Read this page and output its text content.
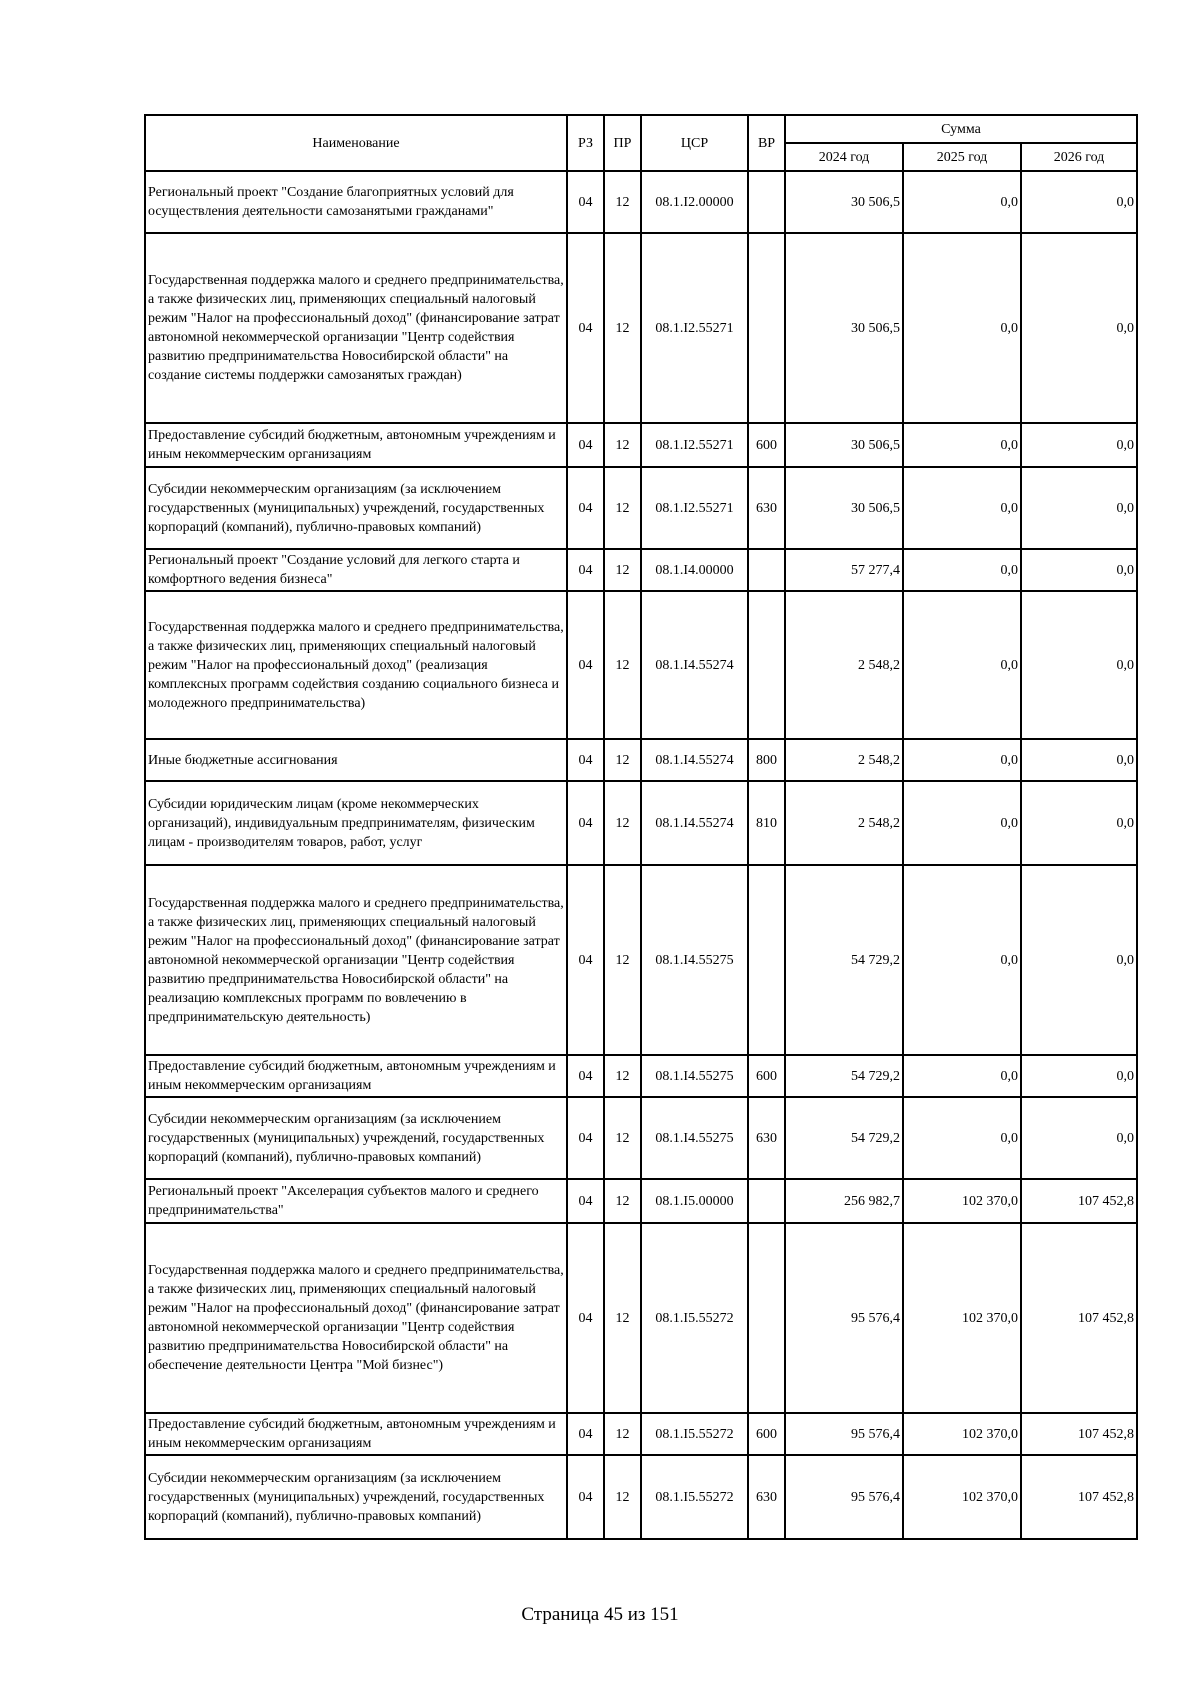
Наименование	РЗ	ПР	ЦСР	ВР	Сумма		
					2024 год	2025 год	2026 год
Региональный проект "Создание благоприятных условий для осуществления деятельности самозанятыми гражданами"	04	12	08.1.I2.00000		30 506,5	0,0	0,0
Государственная поддержка малого и среднего предпринимательства, а также физических лиц, применяющих специальный налоговый режим "Налог на профессиональный доход" (финансирование затрат автономной некоммерческой организации "Центр содействия развитию предпринимательства Новосибирской области" на создание системы поддержки самозанятых граждан)	04	12	08.1.I2.55271		30 506,5	0,0	0,0
Предоставление субсидий бюджетным, автономным учреждениям и иным некоммерческим организациям	04	12	08.1.I2.55271	600	30 506,5	0,0	0,0
Субсидии некоммерческим организациям (за исключением государственных (муниципальных) учреждений, государственных корпораций (компаний), публично-правовых компаний)	04	12	08.1.I2.55271	630	30 506,5	0,0	0,0
Региональный проект "Создание условий для легкого старта и комфортного ведения бизнеса"	04	12	08.1.I4.00000		57 277,4	0,0	0,0
Государственная поддержка малого и среднего предпринимательства, а также физических лиц, применяющих специальный налоговый режим "Налог на профессиональный доход" (реализация комплексных программ содействия созданию социального бизнеса и молодежного предпринимательства)	04	12	08.1.I4.55274		2 548,2	0,0	0,0
Иные бюджетные ассигнования	04	12	08.1.I4.55274	800	2 548,2	0,0	0,0
Субсидии юридическим лицам (кроме некоммерческих организаций), индивидуальным предпринимателям, физическим лицам - производителям товаров, работ, услуг	04	12	08.1.I4.55274	810	2 548,2	0,0	0,0
Государственная поддержка малого и среднего предпринимательства, а также физических лиц, применяющих специальный налоговый режим "Налог на профессиональный доход" (финансирование затрат автономной некоммерческой организации "Центр содействия развитию предпринимательства Новосибирской области" на реализацию комплексных программ по вовлечению в предпринимательскую деятельность)	04	12	08.1.I4.55275		54 729,2	0,0	0,0
Предоставление субсидий бюджетным, автономным учреждениям и иным некоммерческим организациям	04	12	08.1.I4.55275	600	54 729,2	0,0	0,0
Субсидии некоммерческим организациям (за исключением государственных (муниципальных) учреждений, государственных корпораций (компаний), публично-правовых компаний)	04	12	08.1.I4.55275	630	54 729,2	0,0	0,0
Региональный проект "Акселерация субъектов малого и среднего предпринимательства"	04	12	08.1.I5.00000		256 982,7	102 370,0	107 452,8
Государственная поддержка малого и среднего предпринимательства, а также физических лиц, применяющих специальный налоговый режим "Налог на профессиональный доход" (финансирование затрат автономной некоммерческой организации "Центр содействия развитию предпринимательства Новосибирской области" на обеспечение деятельности Центра "Мой бизнес")	04	12	08.1.I5.55272		95 576,4	102 370,0	107 452,8
Предоставление субсидий бюджетным, автономным учреждениям и иным некоммерческим организациям	04	12	08.1.I5.55272	600	95 576,4	102 370,0	107 452,8
Субсидии некоммерческим организациям (за исключением государственных (муниципальных) учреждений, государственных корпораций (компаний), публично-правовых компаний)	04	12	08.1.I5.55272	630	95 576,4	102 370,0	107 452,8
Страница 45 из 151
